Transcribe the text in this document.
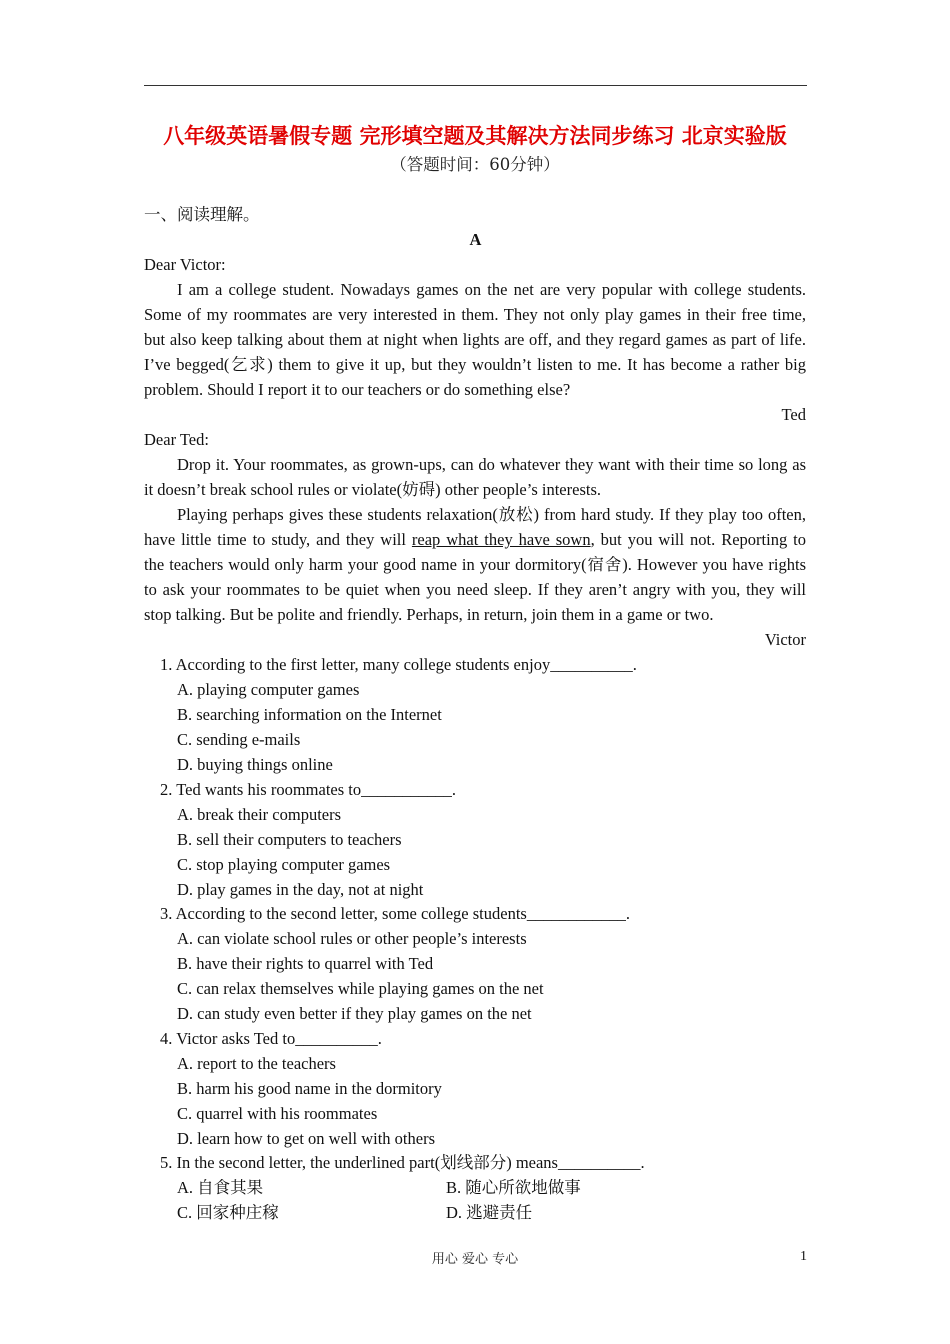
八年级英语暑假专题 完形填空题及其解决方法同步练习 北京实验版
（答题时间：60分钟）
一、阅读理解。
A
Dear Victor:
I am a college student. Nowadays games on the net are very popular with college students.
Some of my roommates are very interested in them. They not only play games in their free time,
but also keep talking about them at night when lights are off, and they regard games as part of life.
I’ve begged(乞求) them to give it up, but they wouldn’t listen to me. It has become a rather big
problem. Should I report it to our teachers or do something else?
Ted
Dear Ted:
Drop it. Your roommates, as grown-ups, can do whatever they want with their time so long as
it doesn’t break school rules or violate(妨碍) other people’s interests.
Playing perhaps gives these students relaxation(放松) from hard study. If they play too often,
have little time to study, and they will reap what they have sown, but you will not. Reporting to
the teachers would only harm your good name in your dormitory(宿舍). However you have rights
to ask your roommates to be quiet when you need sleep. If they aren’t angry with you, they will
stop talking. But be polite and friendly. Perhaps, in return, join them in a game or two.
Victor
1. According to the first letter, many college students enjoy__________.
A. playing computer games
B. searching information on the Internet
C. sending e-mails
D. buying things online
2. Ted wants his roommates to___________.
A. break their computers
B. sell their computers to teachers
C. stop playing computer games
D. play games in the day, not at night
3. According to the second letter, some college students____________.
A. can violate school rules or other people’s interests
B. have their rights to quarrel with Ted
C. can relax themselves while playing games on the net
D. can study even better if they play games on the net
4. Victor asks Ted to__________.
A. report to the teachers
B. harm his good name in the dormitory
C. quarrel with his roommates
D. learn how to get on well with others
5. In the second letter, the underlined part(划线部分) means__________.
A. 自食其果	B. 随心所欲地做事
C. 回家种庄稼	D. 逃避责任
用心 爱心 专心	1
